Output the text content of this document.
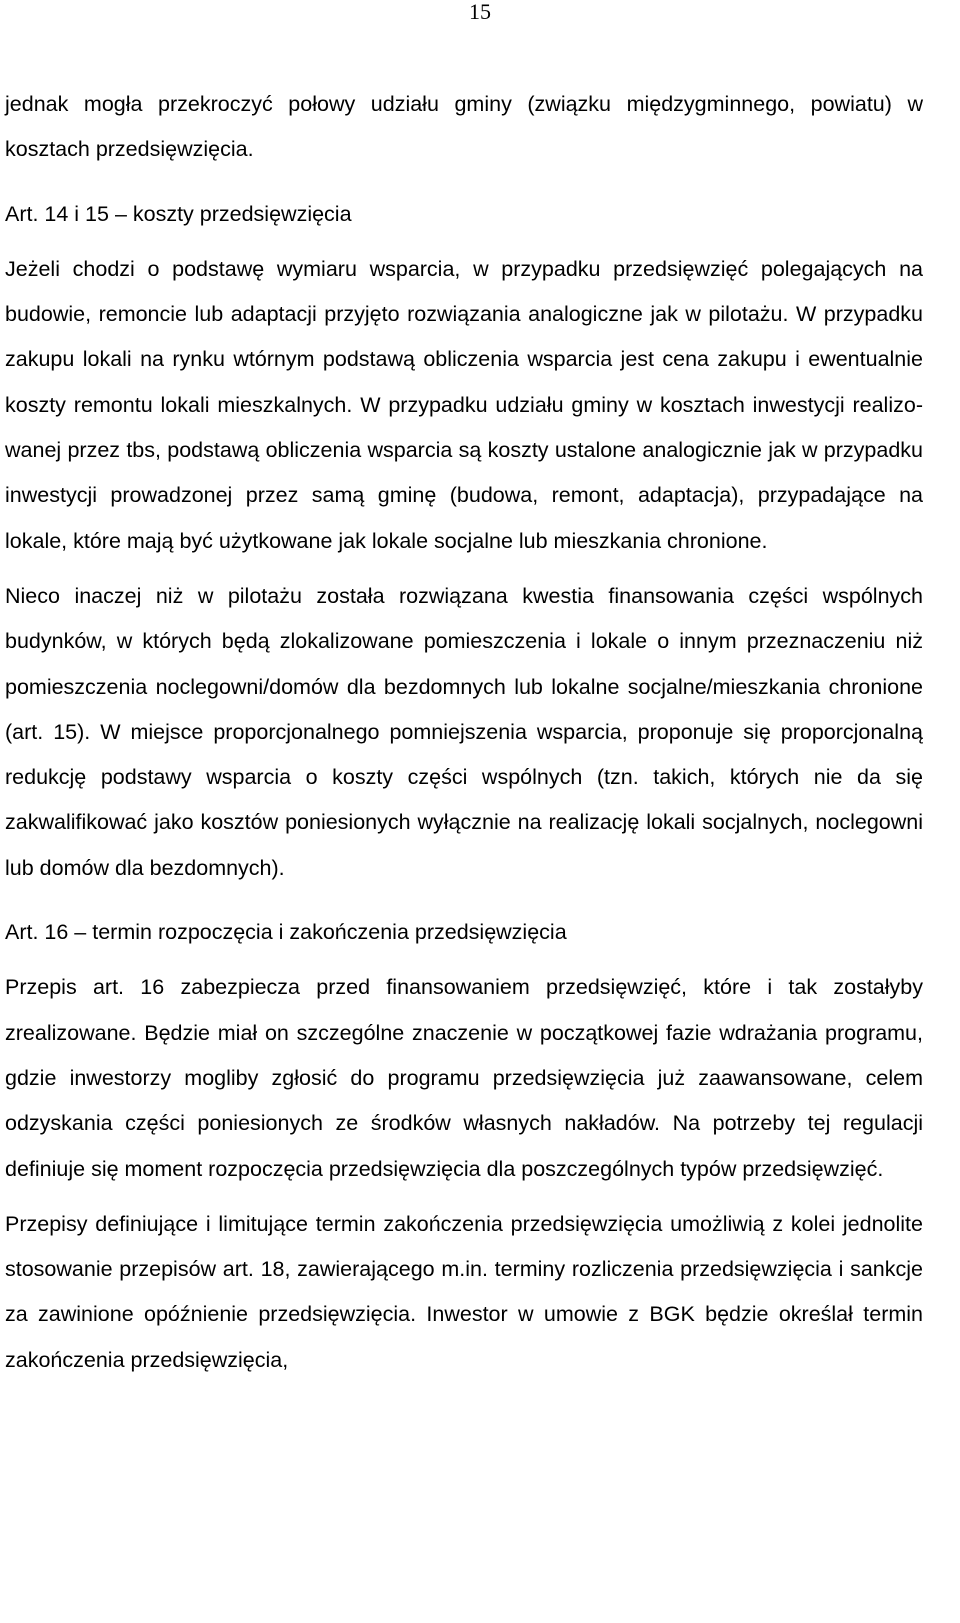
15

jednak mogła przekroczyć połowy udziału gminy (związku międzygminnego, powiatu) w kosztach przedsięwzięcia.

Art. 14 i 15 – koszty przedsięwzięcia

Jeżeli chodzi o podstawę wymiaru wsparcia, w przypadku przedsięwzięć polegających na budowie, remoncie lub adaptacji przyjęto rozwiązania analogiczne jak w pilotażu. W przypadku zakupu lokali na rynku wtórnym podstawą obliczenia wsparcia jest cena zakupu i ewentualnie koszty remontu lokali mieszkalnych. W przypadku udziału gminy w kosztach inwestycji realizowanej przez tbs, podstawą obliczenia wsparcia są koszty ustalone analogicznie jak w przypadku inwestycji prowadzonej przez samą gminę (budowa, remont, adaptacja), przypadające na lokale, które mają być użytkowane jak lokale socjalne lub mieszkania chronione.

Nieco inaczej niż w pilotażu została rozwiązana kwestia finansowania części wspólnych budynków, w których będą zlokalizowane pomieszczenia i lokale o innym przeznaczeniu niż pomieszczenia noclegowni/domów dla bezdomnych lub lokalne socjalne/mieszkania chronione (art. 15). W miejsce proporcjonalnego pomniejszenia wsparcia, proponuje się proporcjonalną redukcję podstawy wsparcia o koszty części wspólnych (tzn. takich, których nie da się zakwalifikować jako kosztów poniesionych wyłącznie na realizację lokali socjalnych, noclegowni lub domów dla bezdomnych).

Art. 16 – termin rozpoczęcia i zakończenia przedsięwzięcia

Przepis art. 16 zabezpiecza przed finansowaniem przedsięwzięć, które i tak zostałyby zrealizowane. Będzie miał on szczególne znaczenie w początkowej fazie wdrażania programu, gdzie inwestorzy mogliby zgłosić do programu przedsięwzięcia już zaawansowane, celem odzyskania części poniesionych ze środków własnych nakładów. Na potrzeby tej regulacji definiuje się moment rozpoczęcia przedsięwzięcia dla poszczególnych typów przedsięwzięć.

Przepisy definiujące i limitujące termin zakończenia przedsięwzięcia umożliwią z kolei jednolite stosowanie przepisów art. 18, zawierającego m.in. terminy rozliczenia przedsięwzięcia i sankcje za zawinione opóźnienie przedsięwzięcia. Inwestor w umowie z BGK będzie określał termin zakończenia przedsięwzięcia,
